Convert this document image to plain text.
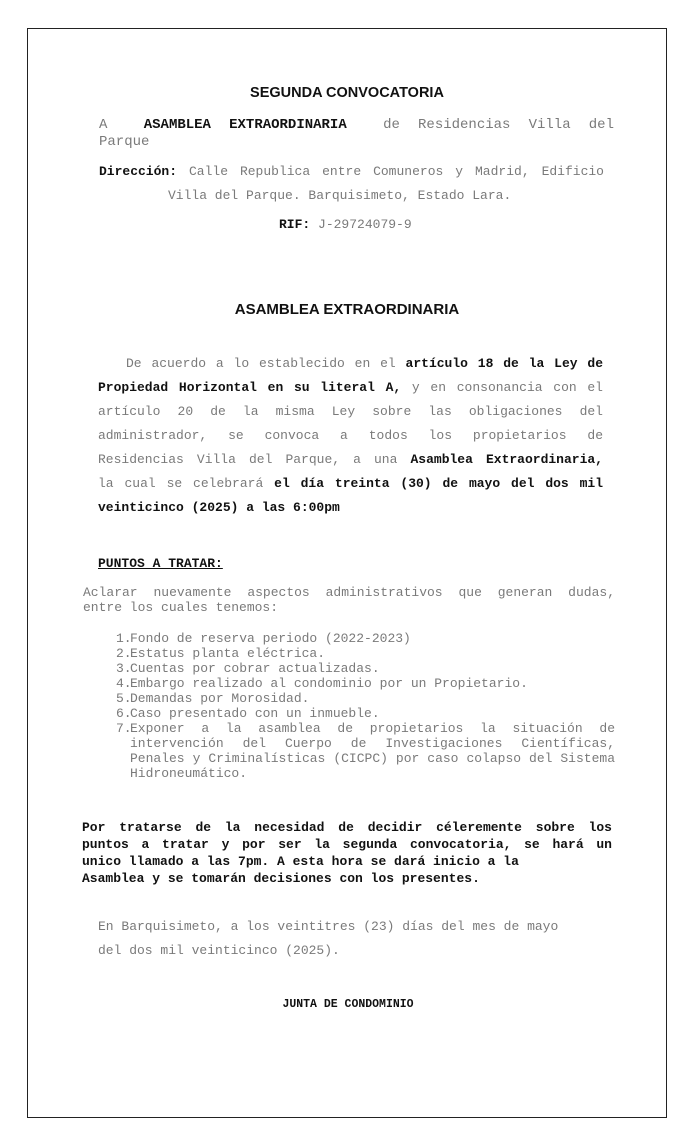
SEGUNDA CONVOCATORIA
A	ASAMBLEA EXTRAORDINARIA	de Residencias Villa del
Parque
Dirección: Calle Republica entre Comuneros y Madrid, Edificio
Villa del Parque. Barquisimeto, Estado Lara.
RIF: J-29724079-9
ASAMBLEA EXTRAORDINARIA
De acuerdo a lo establecido en el artículo 18 de la Ley de
Propiedad Horizontal en su literal A, y en consonancia con el
artículo 20 de la misma Ley sobre las obligaciones del
administrador, se convoca a todos los propietarios de
Residencias Villa del Parque, a una Asamblea Extraordinaria,
la cual se celebrará el día treinta (30) de mayo del dos mil
veinticinco (2025) a las 6:00pm
PUNTOS A TRATAR:
Aclarar nuevamente aspectos administrativos que generan dudas,
entre los cuales tenemos:
1.
Fondo de reserva periodo (2022-2023)
2.
Estatus planta eléctrica.
3.
Cuentas por cobrar actualizadas.
4.
Embargo realizado al condominio por un Propietario.
5.
Demandas por Morosidad.
6.
Caso presentado con un inmueble.
7.
Exponer a la asamblea de propietarios la situación de intervención del Cuerpo de Investigaciones Científicas, Penales y Criminalísticas (CICPC) por caso colapso del Sistema Hidroneumático.
Por tratarse de la necesidad de decidir céleremente sobre los
puntos a tratar y por ser la segunda convocatoria, se hará un
unico llamado a las 7pm. A esta hora se dará inicio a la
Asamblea y se tomarán decisiones con los presentes.
En Barquisimeto, a los veintitres (23) días del mes de mayo
del dos mil veinticinco (2025).
JUNTA DE CONDOMINIO
